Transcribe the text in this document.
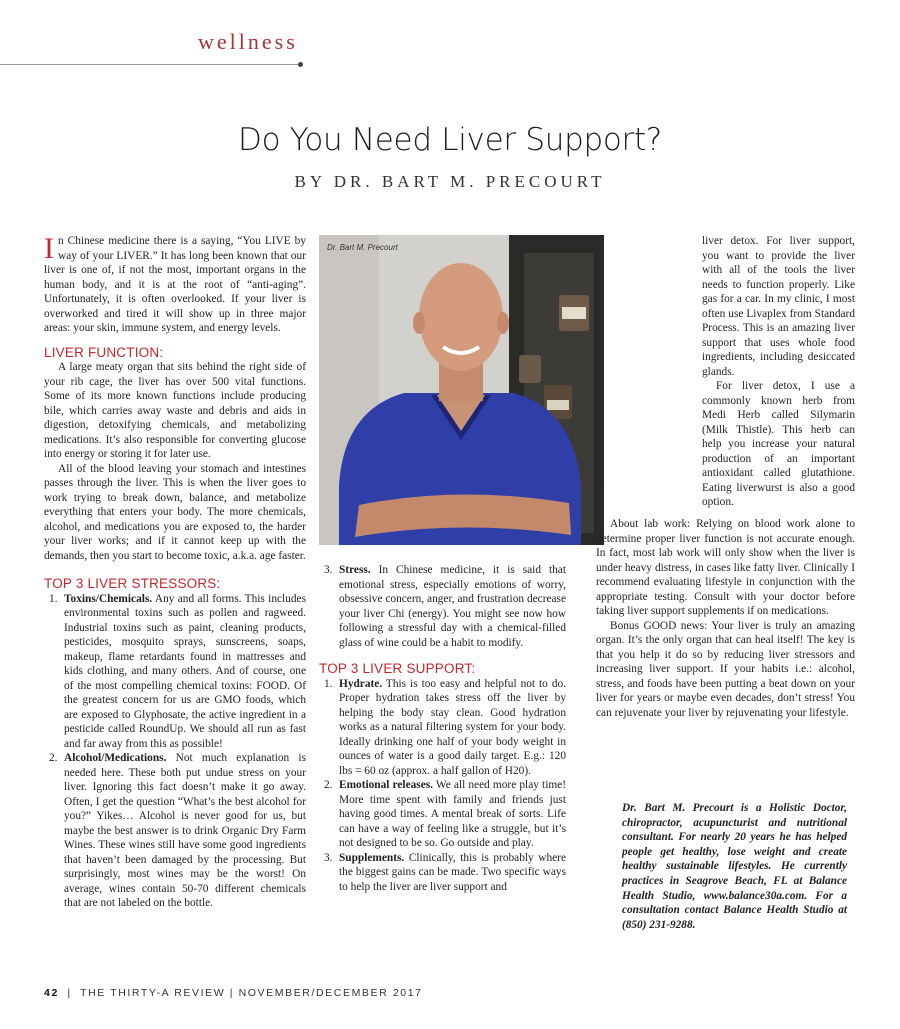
wellness
Do You Need Liver Support?
BY DR. BART M. PRECOURT

In Chinese medicine there is a saying, “You LIVE by way of your LIVER.” It has long been known that our liver is one of, if not the most, important organs in the human body, and it is at the root of “anti-aging”. Unfortunately, it is often overlooked. If your liver is overworked and tired it will show up in three major areas: your skin, immune system, and energy levels.

LIVER FUNCTION:

A large meaty organ that sits behind the right side of your rib cage, the liver has over 500 vital functions. Some of its more known functions include producing bile, which carries away waste and debris and aids in digestion, detoxifying chemicals, and metabolizing medications. It’s also responsible for converting glucose into energy or storing it for later use.

All of the blood leaving your stomach and intestines passes through the liver. This is when the liver goes to work trying to break down, balance, and metabolize everything that enters your body. The more chemicals, alcohol, and medications you are exposed to, the harder your liver works; and if it cannot keep up with the demands, then you start to become toxic, a.k.a. age faster.

TOP 3 LIVER STRESSORS:
1. Toxins/Chemicals. Any and all forms. This includes environmental toxins such as pollen and ragweed. Industrial toxins such as paint, cleaning products, pesticides, mosquito sprays, sunscreens, soaps, makeup, flame retardants found in mattresses and kids clothing, and many others. And of course, one of the most compelling chemical toxins: FOOD. Of the greatest concern for us are GMO foods, which are exposed to Glyphosate, the active ingredient in a pesticide called RoundUp. We should all run as fast and far away from this as possible!
2. Alcohol/Medications. Not much explanation is needed here. These both put undue stress on your liver. Ignoring this fact doesn’t make it go away. Often, I get the question “What’s the best alcohol for you?” Yikes… Alcohol is never good for us, but maybe the best answer is to drink Organic Dry Farm Wines. These wines still have some good ingredients that haven’t been damaged by the processing. But surprisingly, most wines may be the worst! On average, wines contain 50-70 different chemicals that are not labeled on the bottle.
Dr. Bart M. Precourt
3. Stress. In Chinese medicine, it is said that emotional stress, especially emotions of worry, obsessive concern, anger, and frustration decrease your liver Chi (energy). You might see now how following a stressful day with a chemical-filled glass of wine could be a habit to modify.
TOP 3 LIVER SUPPORT:
1. Hydrate. This is too easy and helpful not to do. Proper hydration takes stress off the liver by helping the body stay clean. Good hydration works as a natural filtering system for your body. Ideally drinking one half of your body weight in ounces of water is a good daily target. E.g.: 120 lbs = 60 oz (approx. a half gallon of H20).
2. Emotional releases. We all need more play time! More time spent with family and friends just having good times. A mental break of sorts. Life can have a way of feeling like a struggle, but it’s not designed to be so. Go outside and play.
3. Supplements. Clinically, this is probably where the biggest gains can be made. Two specific ways to help the liver are liver support and

liver detox. For liver support, you want to provide the liver with all of the tools the liver needs to function properly. Like gas for a car. In my clinic, I most often use Livaplex from Standard Process. This is an amazing liver support that uses whole food ingredients, including desiccated glands.

For liver detox, I use a commonly known herb from Medi Herb called Silymarin (Milk Thistle). This herb can help you increase your natural production of an important antioxidant called glutathione. Eating liverwurst is also a good option.

About lab work: Relying on blood work alone to determine proper liver function is not accurate enough. In fact, most lab work will only show when the liver is under heavy distress, in cases like fatty liver. Clinically I recommend evaluating lifestyle in conjunction with the appropriate testing. Consult with your doctor before taking liver support supplements if on medications.

Bonus GOOD news: Your liver is truly an amazing organ. It’s the only organ that can heal itself! The key is that you help it do so by reducing liver stressors and increasing liver support. If your habits i.e.: alcohol, stress, and foods have been putting a beat down on your liver for years or maybe even decades, don’t stress! You can rejuvenate your liver by rejuvenating your lifestyle.

Dr. Bart M. Precourt is a Holistic Doctor, chiropractor, acupuncturist and nutritional consultant. For nearly 20 years he has helped people get healthy, lose weight and create healthy sustainable lifestyles. He currently practices in Seagrove Beach, FL at Balance Health Studio, www.balance30a.com. For a consultation contact Balance Health Studio at (850) 231-9288.
42 | THE THIRTY-A REVIEW | NOVEMBER/DECEMBER 2017
